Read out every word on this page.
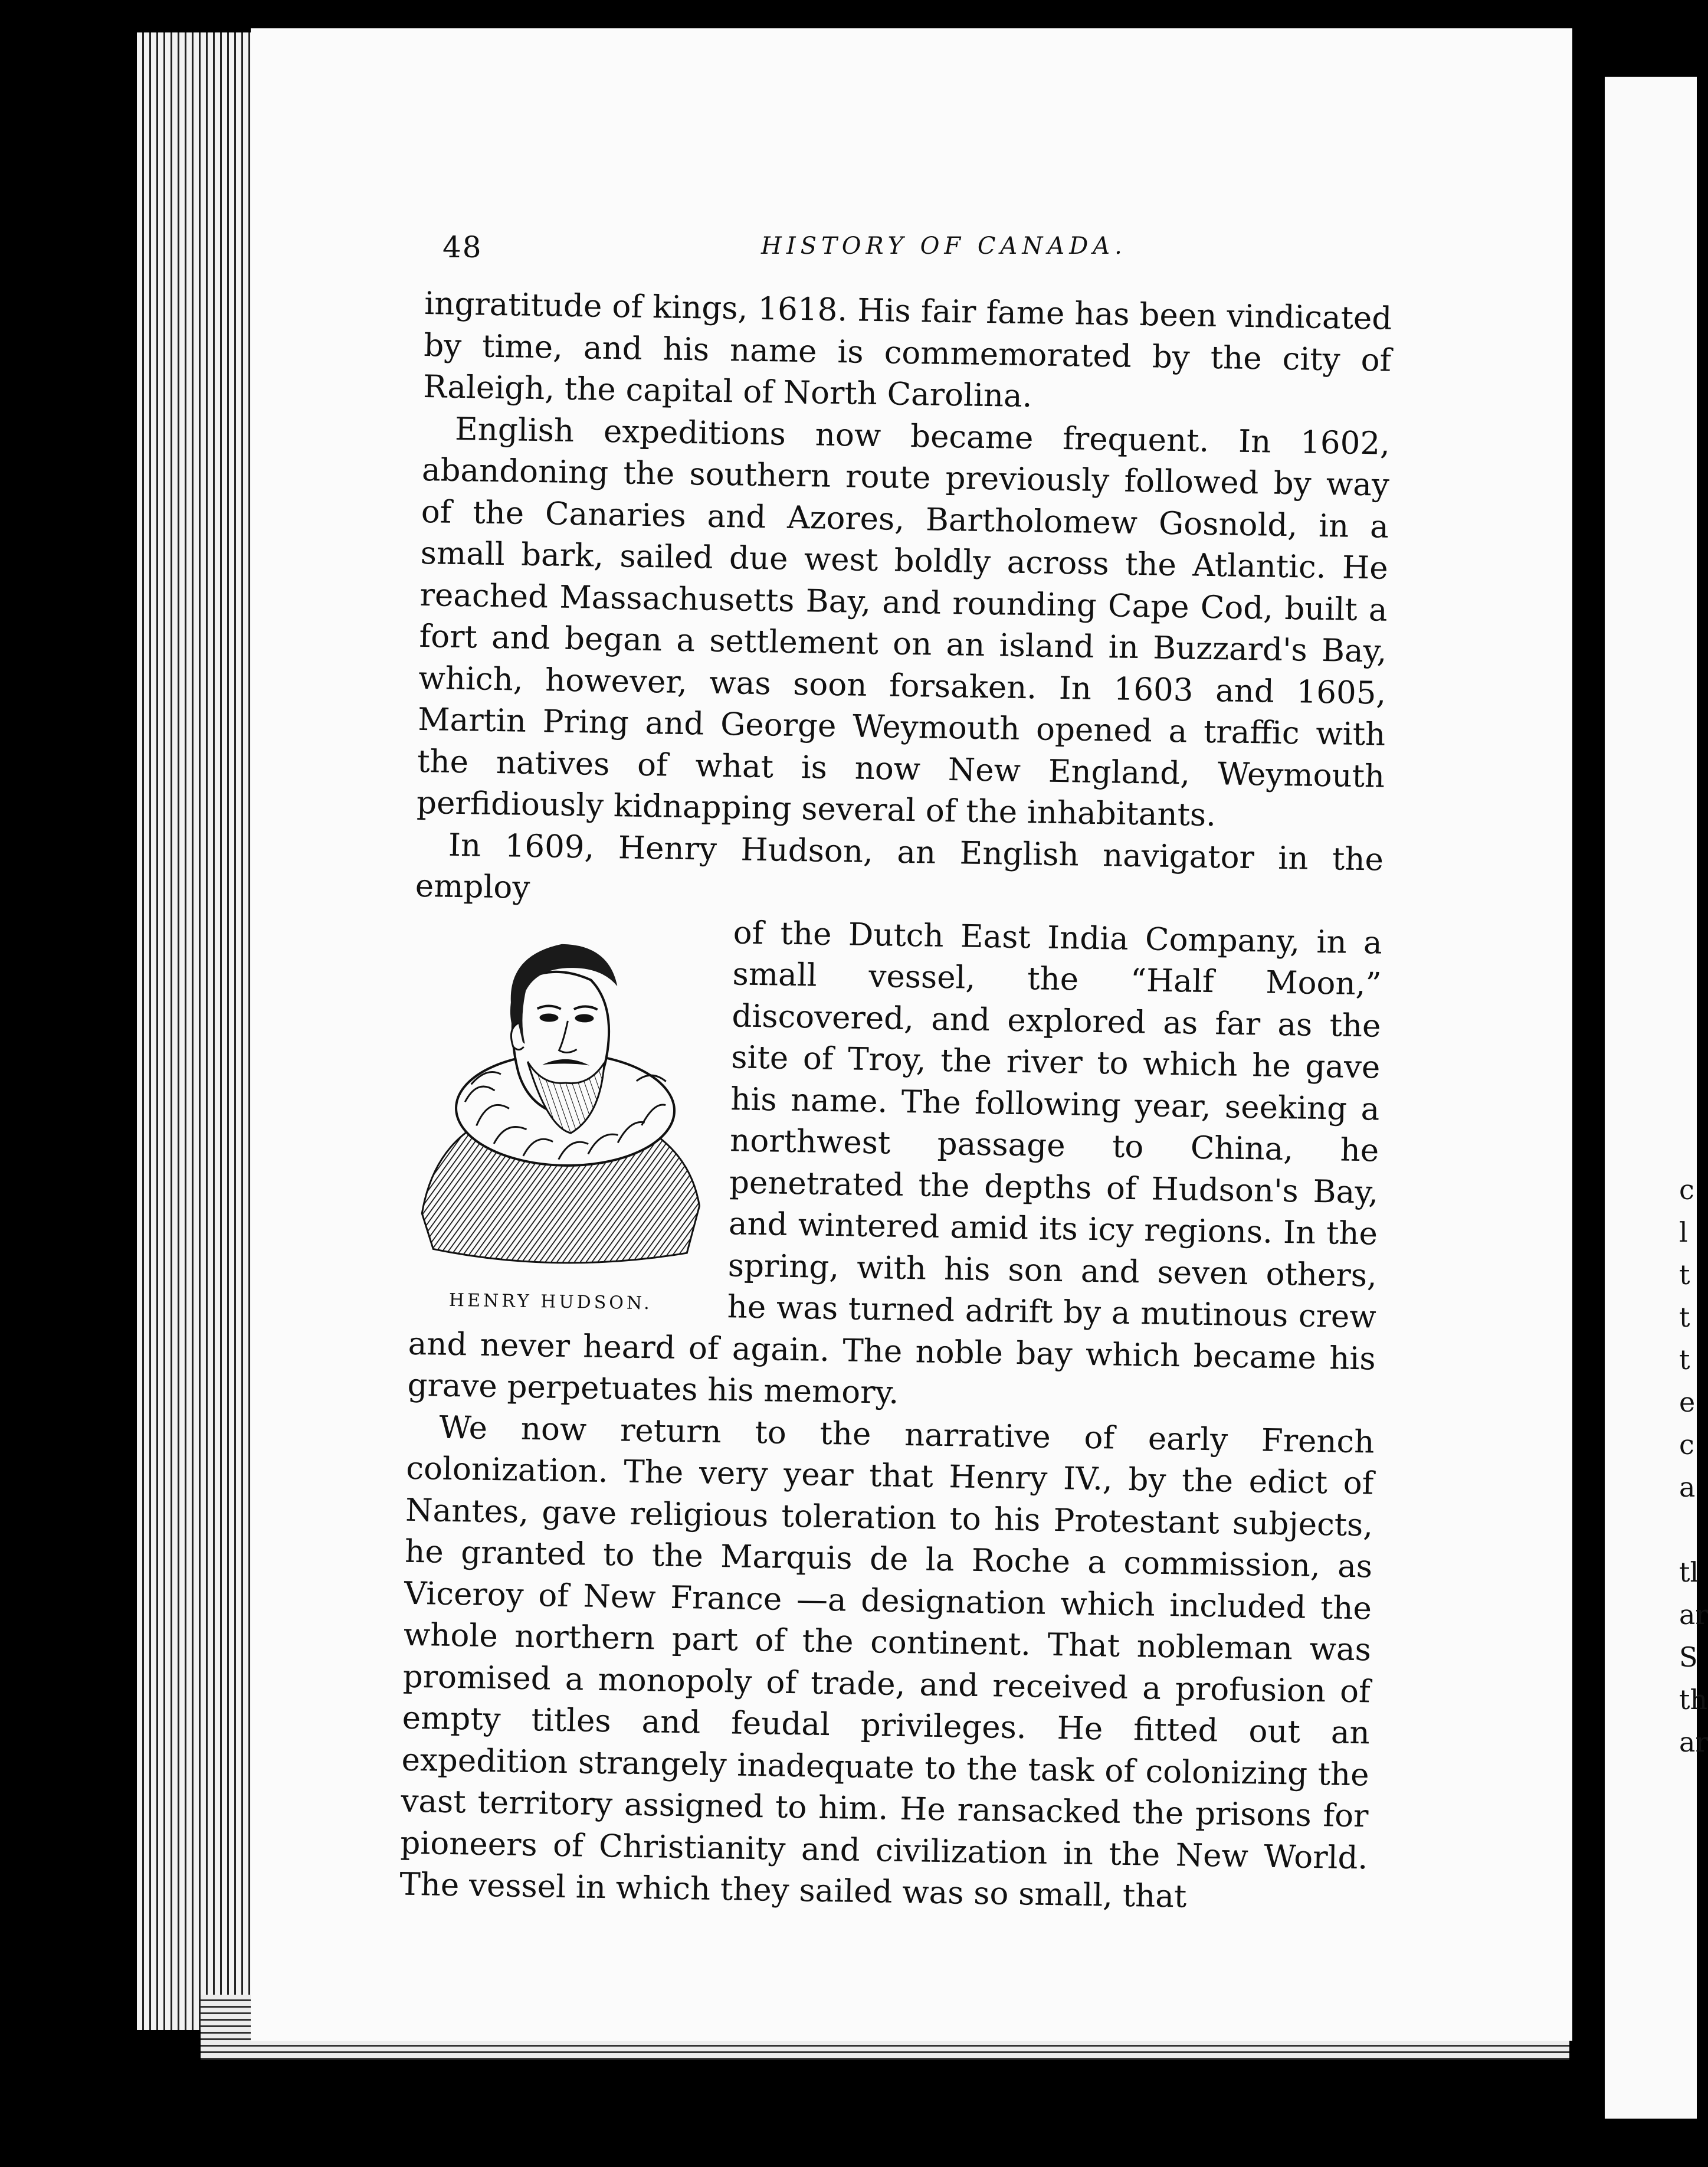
c
l
t
t
t
e
c
a

tl
ar
S
th
ar
48	HISTORY OF CANADA.

ingratitude of kings, 1618. His fair fame has been vindicated by time, and his name is commemorated by the city of Raleigh, the capital of North Carolina.

English expeditions now became frequent. In 1602, abandoning the southern route previously followed by way of the Canaries and Azores, Bartholomew Gosnold, in a small bark, sailed due west boldly across the Atlantic. He reached Massachusetts Bay, and rounding Cape Cod, built a fort and began a settlement on an island in Buzzard's Bay, which, however, was soon forsaken. In 1603 and 1605, Martin Pring and George Weymouth opened a traffic with the natives of what is now New England, Weymouth perfidiously kidnapping several of the inhabitants.

In 1609, Henry Hudson, an English navigator in the employ

HENRY HUDSON.

of the Dutch East India Company, in a small vessel, the “Half Moon,” discovered, and explored as far as the site of Troy, the river to which he gave his name. The following year, seeking a northwest passage to China, he penetrated the depths of Hudson's Bay, and wintered amid its icy regions. In the spring, with his son and seven others, he was turned adrift by a mutinous crew and never heard of again. The noble bay which became his grave perpetuates his memory.

We now return to the narrative of early French colonization. The very year that Henry IV., by the edict of Nantes, gave religious toleration to his Protestant subjects, he granted to the Marquis de la Roche a commission, as Viceroy of New France —a designation which included the whole northern part of the continent. That nobleman was promised a monopoly of trade, and received a profusion of empty titles and feudal privileges. He fitted out an expedition strangely inadequate to the task of colonizing the vast territory assigned to him. He ransacked the prisons for pioneers of Christianity and civilization in the New World. The vessel in which they sailed was so small, that
